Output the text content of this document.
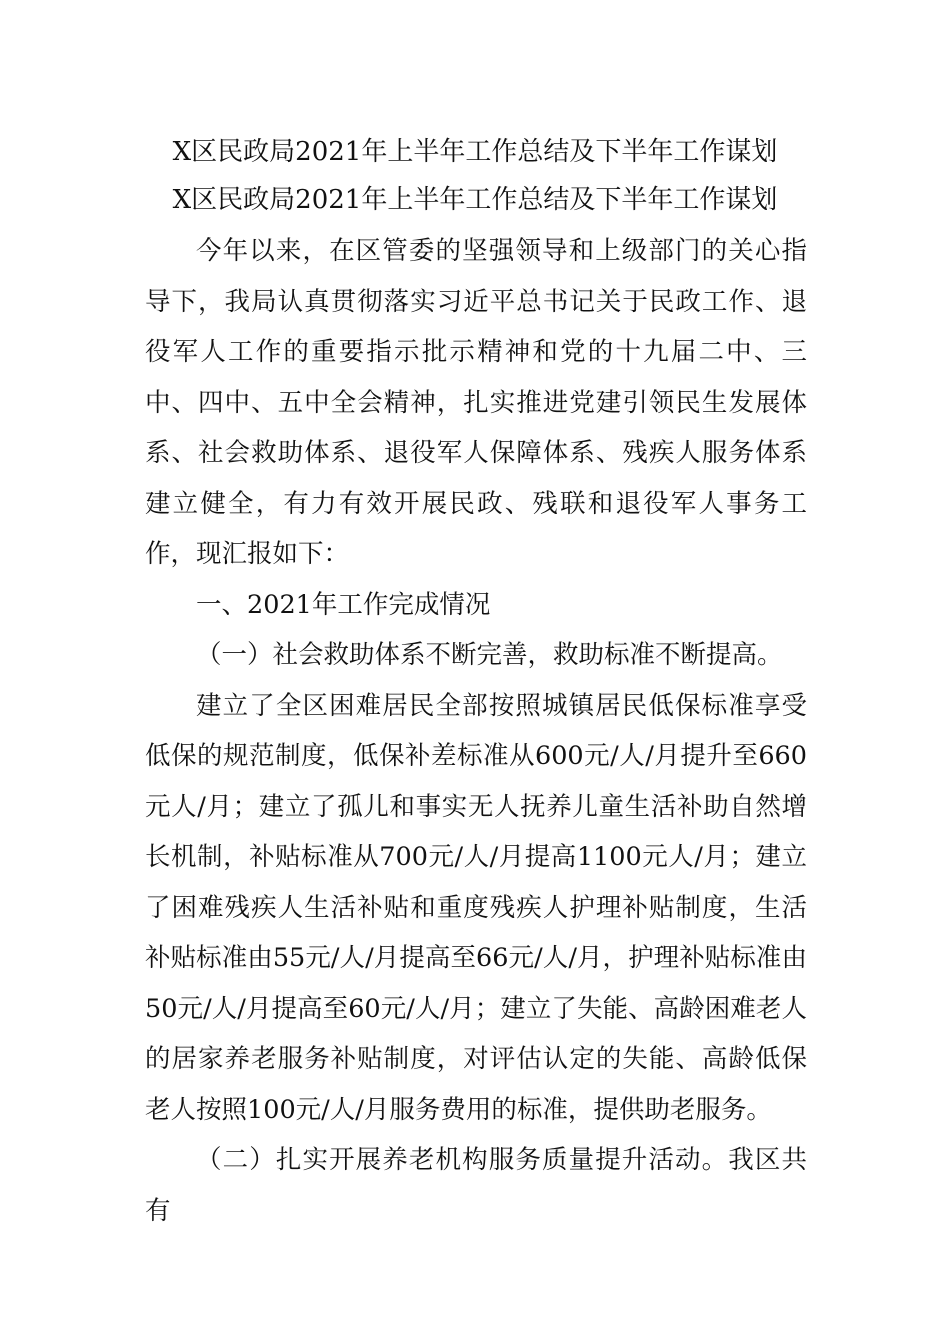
X区民政局2021年上半年工作总结及下半年工作谋划
X区民政局2021年上半年工作总结及下半年工作谋划

今年以来，在区管委的坚强领导和上级部门的关心指导下，我局认真贯彻落实习近平总书记关于民政工作、退役军人工作的重要指示批示精神和党的十九届二中、三中、四中、五中全会精神，扎实推进党建引领民生发展体系、社会救助体系、退役军人保障体系、残疾人服务体系建立健全，有力有效开展民政、残联和退役军人事务工作，现汇报如下：

一、2021年工作完成情况

（一）社会救助体系不断完善，救助标准不断提高。

建立了全区困难居民全部按照城镇居民低保标准享受低保的规范制度，低保补差标准从600元/人/月提升至660元人/月；建立了孤儿和事实无人抚养儿童生活补助自然增长机制，补贴标准从700元/人/月提高1100元人/月；建立了困难残疾人生活补贴和重度残疾人护理补贴制度，生活补贴标准由55元/人/月提高至66元/人/月，护理补贴标准由50元/人/月提高至60元/人/月；建立了失能、高龄困难老人的居家养老服务补贴制度，对评估认定的失能、高龄低保老人按照100元/人/月服务费用的标准，提供助老服务。

（二）扎实开展养老机构服务质量提升活动。我区共有
